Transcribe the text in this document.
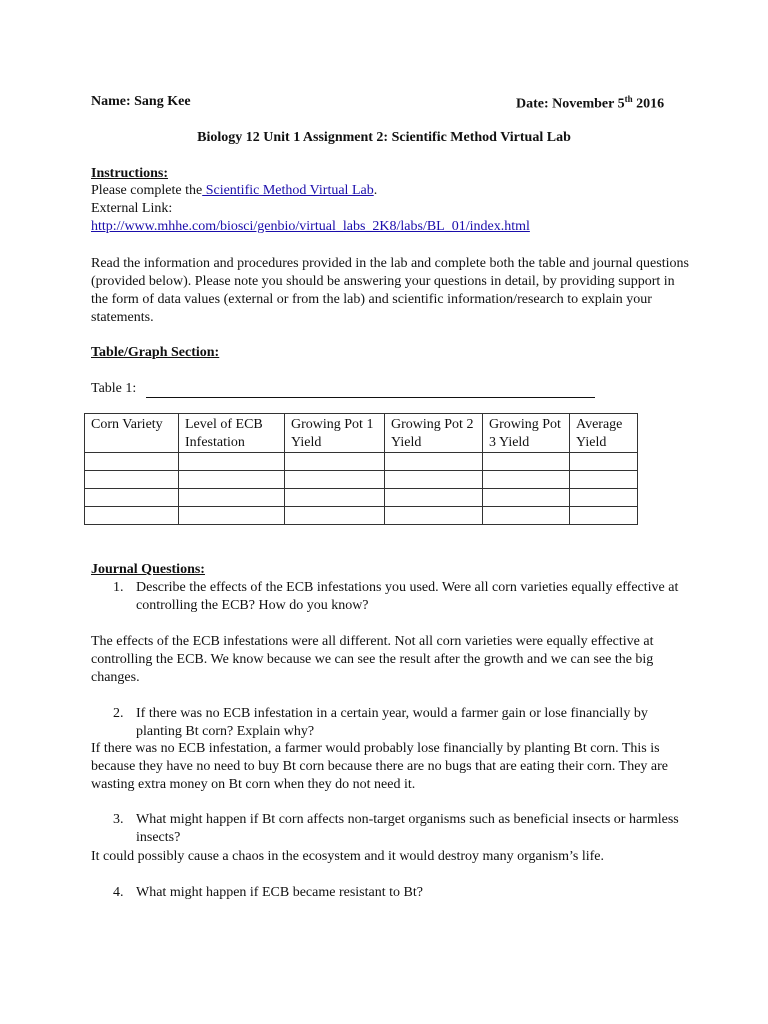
Name: Sang Kee	Date: November 5th 2016
Biology 12 Unit 1 Assignment 2: Scientific Method Virtual Lab
Instructions:
Please complete the Scientific Method Virtual Lab.
External Link:
http://www.mhhe.com/biosci/genbio/virtual_labs_2K8/labs/BL_01/index.html
Read the information and procedures provided in the lab and complete both the table and journal questions (provided below). Please note you should be answering your questions in detail, by providing support in the form of data values (external or from the lab) and scientific information/research to explain your statements.
Table/Graph Section:
Table 1:
Corn Variety	Level of ECB Infestation	Growing Pot 1 Yield	Growing Pot 2 Yield	Growing Pot 3 Yield	Average Yield

Journal Questions:
1. Describe the effects of the ECB infestations you used. Were all corn varieties equally effective at controlling the ECB? How do you know?
The effects of the ECB infestations were all different. Not all corn varieties were equally effective at controlling the ECB. We know because we can see the result after the growth and we can see the big changes.
2. If there was no ECB infestation in a certain year, would a farmer gain or lose financially by planting Bt corn? Explain why?
If there was no ECB infestation, a farmer would probably lose financially by planting Bt corn. This is because they have no need to buy Bt corn because there are no bugs that are eating their corn. They are wasting extra money on Bt corn when they do not need it.
3. What might happen if Bt corn affects non-target organisms such as beneficial insects or harmless insects?
It could possibly cause a chaos in the ecosystem and it would destroy many organism’s life.
4. What might happen if ECB became resistant to Bt?
